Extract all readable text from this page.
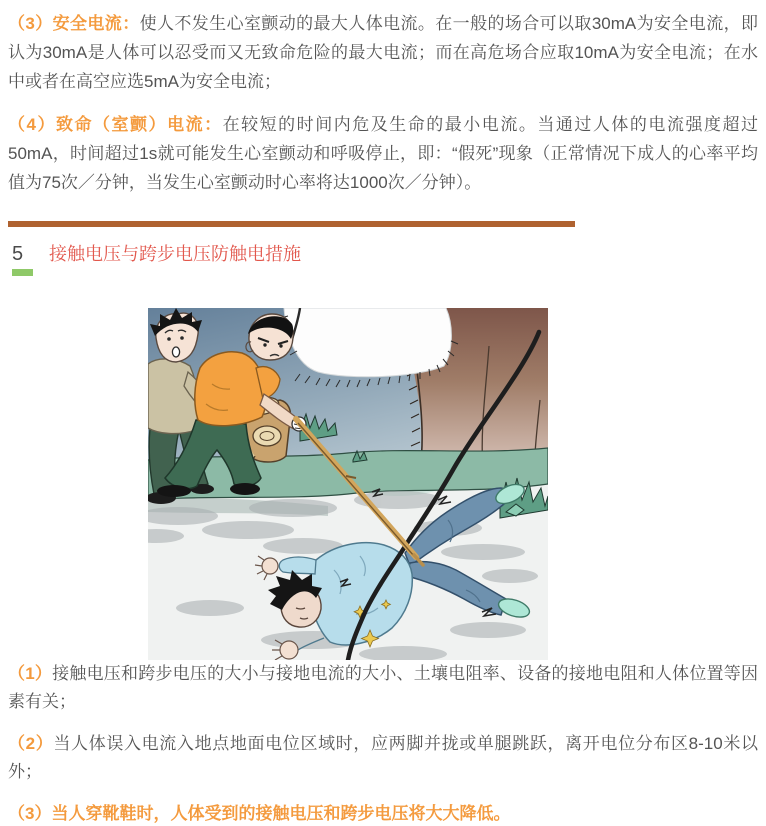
（3）安全电流：使人不发生心室颤动的最大人体电流。在一般的场合可以取30mA为安全电流，即认为30mA是人体可以忍受而又无致命危险的最大电流；而在高危场合应取10mA为安全电流；在水中或者在高空应选5mA为安全电流；

（4）致命（室颤）电流：在较短的时间内危及生命的最小电流。当通过人体的电流强度超过50mA，时间超过1s就可能发生心室颤动和呼吸停止，即：“假死”现象（正常情况下成人的心率平均值为75次／分钟，当发生心室颤动时心率将达1000次／分钟）。

5 接触电压与跨步电压防触电措施

（1）接触电压和跨步电压的大小与接地电流的大小、土壤电阻率、设备的接地电阻和人体位置等因素有关；

（2）当人体误入电流入地点地面电位区域时，应两脚并拢或单腿跳跃，离开电位分布区8-10米以外；

（3）当人穿靴鞋时，人体受到的接触电压和跨步电压将大大降低。
